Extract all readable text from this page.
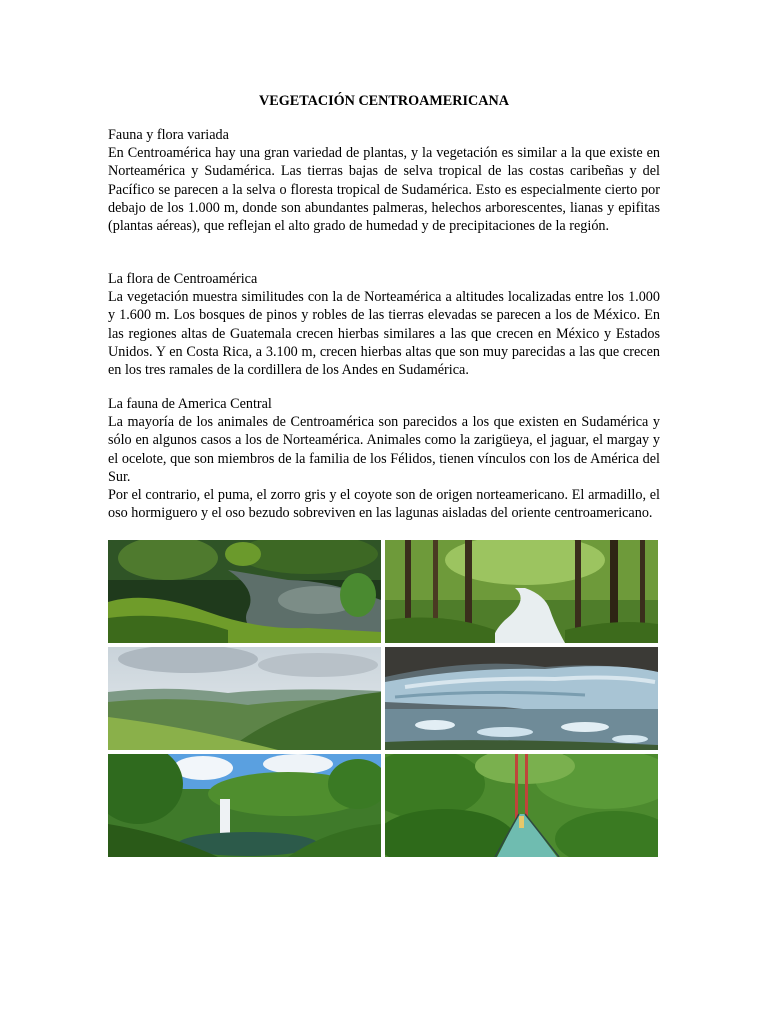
VEGETACIÓN CENTROAMERICANA

Fauna y flora variada

En Centroamérica hay una gran variedad de plantas, y la vegetación es similar a la que existe en Norteamérica y Sudamérica. Las tierras bajas de selva tropical de las costas caribeñas y del Pacífico se parecen a la selva o floresta tropical de Sudamérica. Esto es especialmente cierto por debajo de los 1.000 m, donde son abundantes palmeras, helechos arborescentes, lianas y epifitas (plantas aéreas), que reflejan el alto grado de humedad y de precipitaciones de la región.

La flora de Centroamérica

La vegetación muestra similitudes con la de Norteamérica a altitudes localizadas entre los 1.000 y 1.600 m. Los bosques de pinos y robles de las tierras elevadas se parecen a los de México. En las regiones altas de Guatemala crecen hierbas similares a las que crecen en México y Estados Unidos. Y en Costa Rica, a 3.100 m, crecen hierbas altas que son muy parecidas a las que crecen en los tres ramales de la cordillera de los Andes en Sudamérica.

La fauna de America Central

La mayoría de los animales de Centroamérica son parecidos a los que existen en Sudamérica y sólo en algunos casos a los de Norteamérica. Animales como la zarigüeya, el jaguar, el margay y el ocelote, que son miembros de la familia de los Félidos, tienen vínculos con los de América del Sur.

Por el contrario, el puma, el zorro gris y el coyote son de origen norteamericano. El armadillo, el oso hormiguero y el oso bezudo sobreviven en las lagunas aisladas del oriente centroamericano.
